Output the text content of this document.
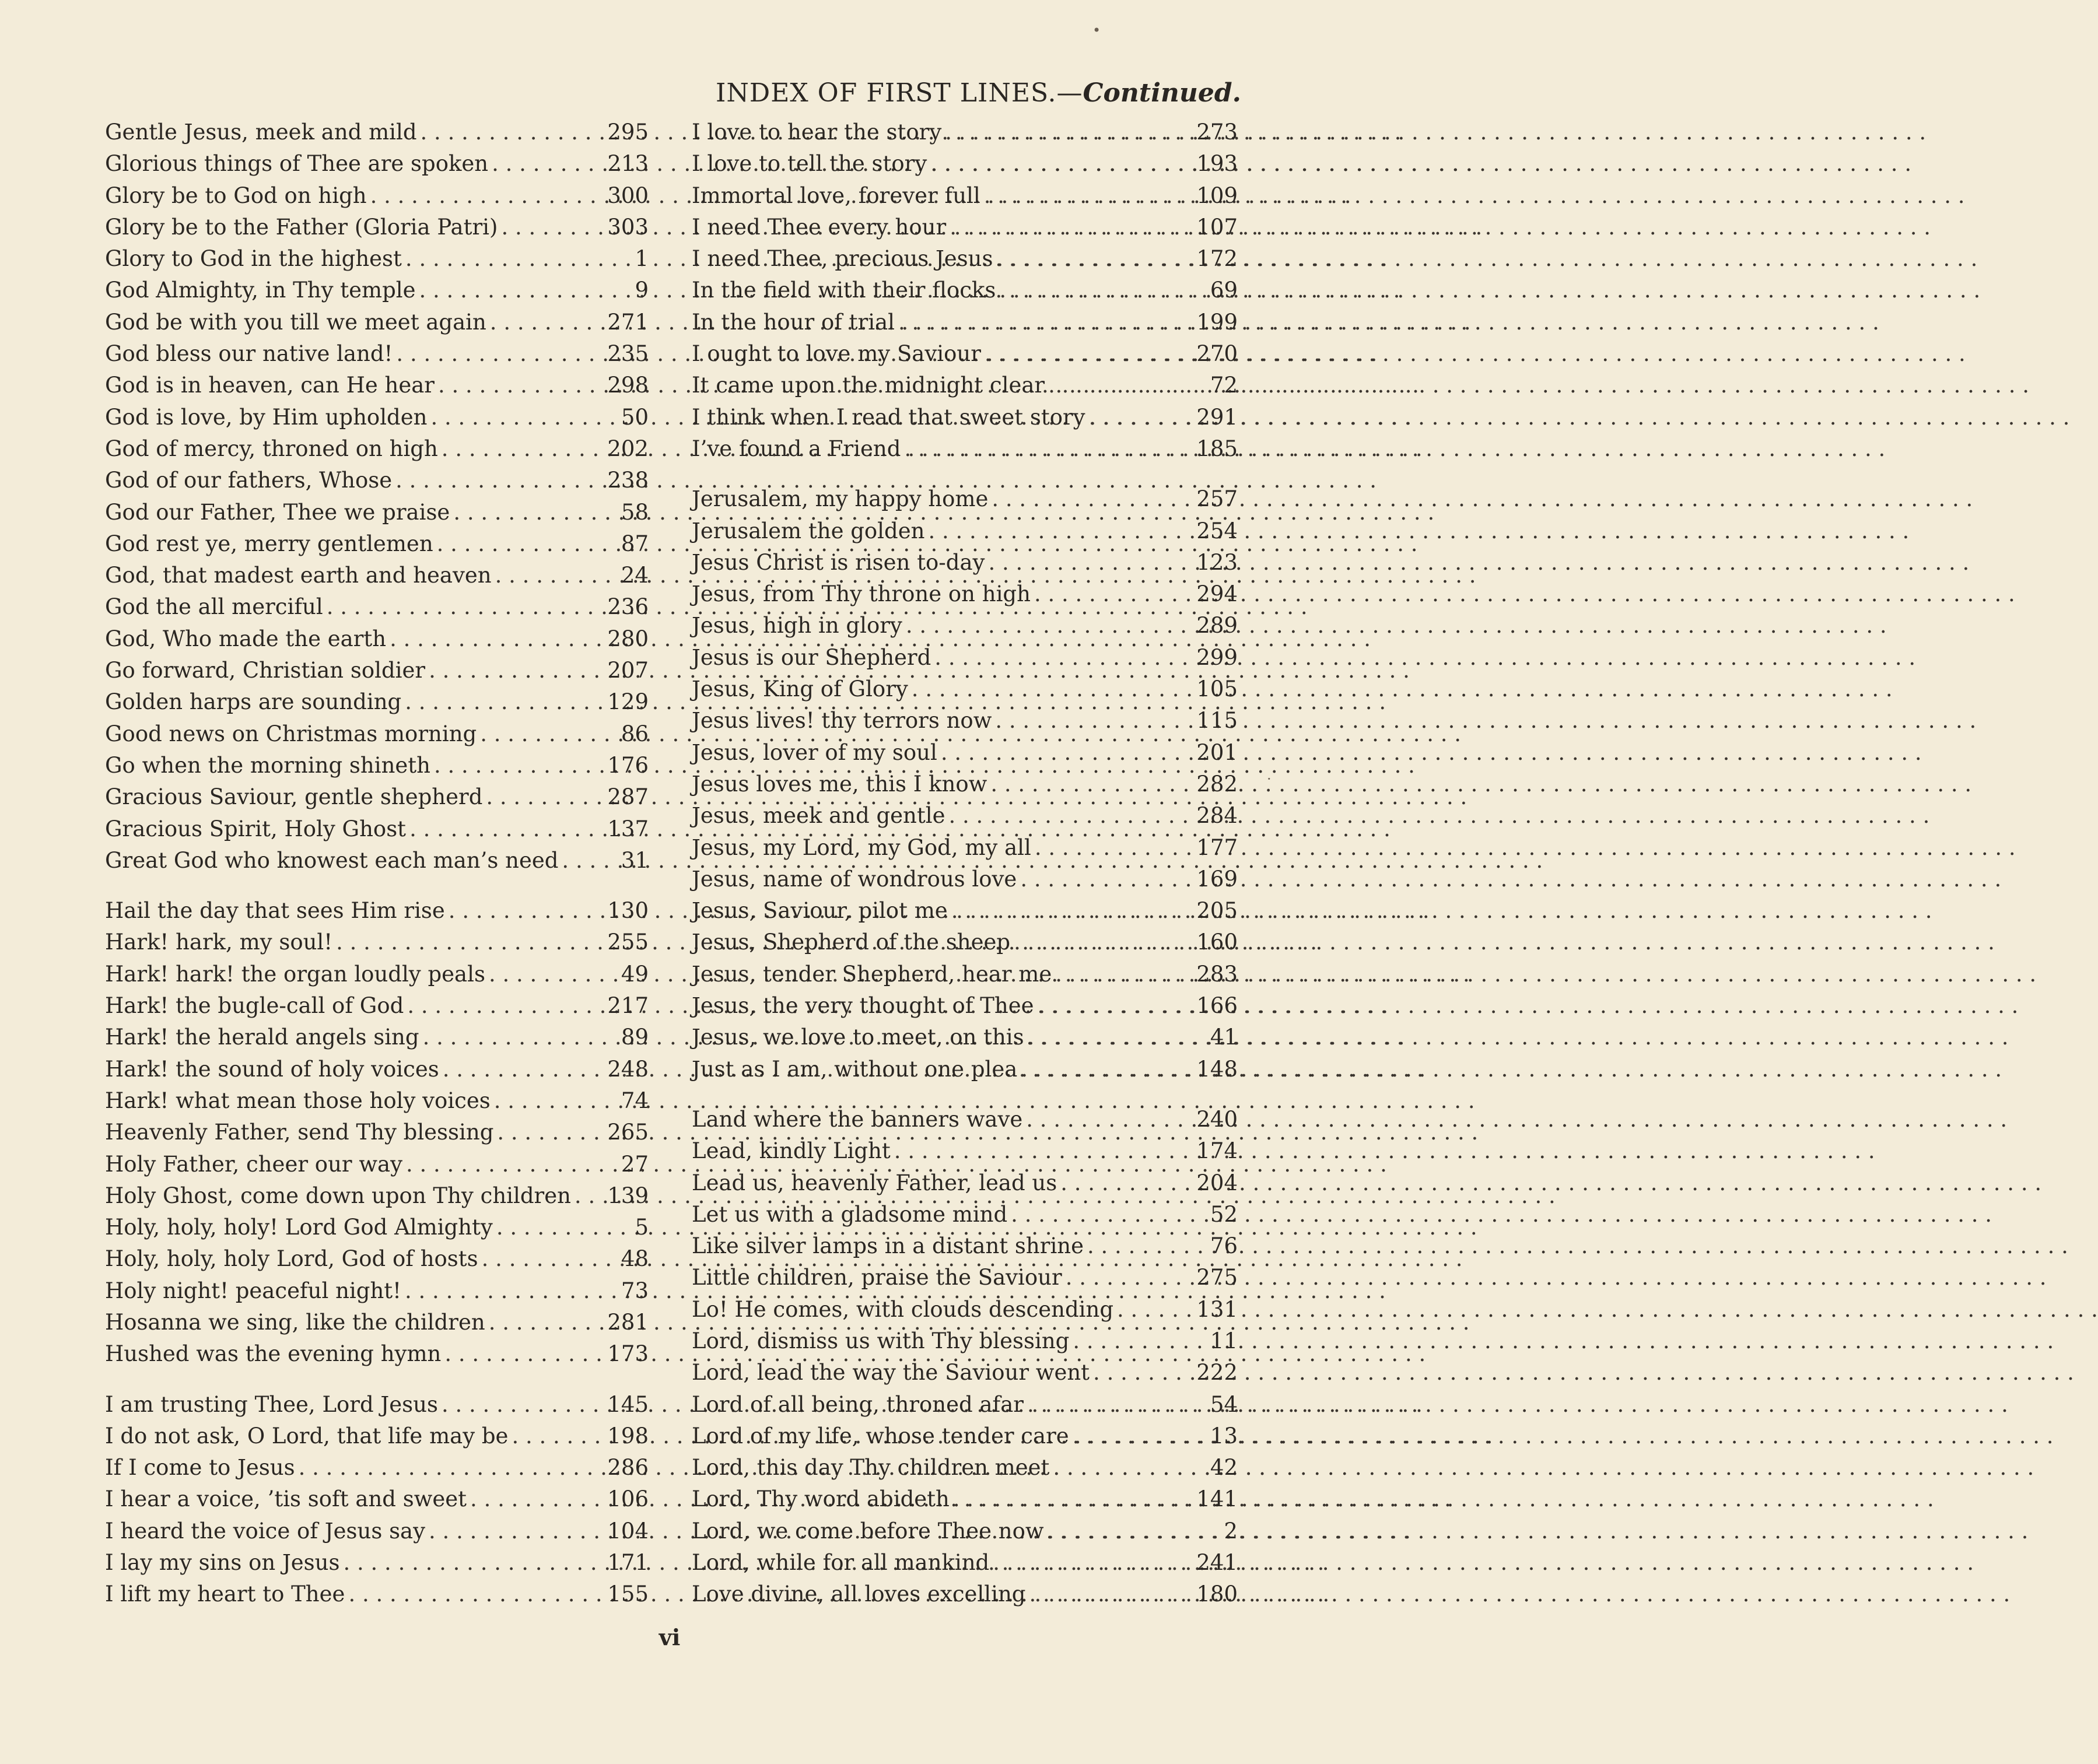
INDEX OF FIRST LINES.—Continued.
Gentle Jesus, meek and mild . . .	295
Glorious things of Thee are spoken . . .	213
Glory be to God on high . . .	300
Glory be to the Father (Gloria Patri) . . .	303
Glory to God in the highest . . .	1
God Almighty, in Thy temple . . .	9
God be with you till we meet again . . .	271
God bless our native land! . . .	235
God is in heaven, can He hear . . .	298
God is love, by Him upholden . . .	50
God of mercy, throned on high . . .	202
God of our fathers, Whose . . .	238
God our Father, Thee we praise . . .	58
God rest ye, merry gentlemen . . .	87
God, that madest earth and heaven . . .	24
God the all merciful . . .	236
God, Who made the earth . . .	280
Go forward, Christian soldier . . .	207
Golden harps are sounding . . .	129
Good news on Christmas morning . . .	86
Go when the morning shineth . . .	176
Gracious Saviour, gentle shepherd . . .	287
Gracious Spirit, Holy Ghost . . .	137
Great God who knowest each man’s need . . .	31
Hail the day that sees Him rise . . .	130
Hark! hark, my soul! . . .	255
Hark! hark! the organ loudly peals . . .	49
Hark! the bugle-call of God . . .	217
Hark! the herald angels sing . . .	89
Hark! the sound of holy voices . . .	248
Hark! what mean those holy voices . . .	74
Heavenly Father, send Thy blessing . . .	265
Holy Father, cheer our way . . .	27
Holy Ghost, come down upon Thy children . . . 139
Holy, holy, holy! Lord God Almighty . . .	5
Holy, holy, holy Lord, God of hosts . . .	48
Holy night! peaceful night! . . .	73
Hosanna we sing, like the children . . .	281
Hushed was the evening hymn . . .	173
I am trusting Thee, Lord Jesus . . .	145
I do not ask, O Lord, that life may be . . .	198
If I come to Jesus . . .	286
I hear a voice, ’tis soft and sweet . . .	106
I heard the voice of Jesus say . . .	104
I lay my sins on Jesus . . .	171
I lift my heart to Thee . . .	155
I love to hear the story . . .	273
I love to tell the story . . .	193
Immortal love, forever full . . .	109
I need Thee every hour . . .	107
I need Thee, precious Jesus . . .	172
In the field with their flocks . . .	69
In the hour of trial . . .	199
I ought to love my Saviour . . .	270
It came upon the midnight clear . . .	72
I think when I read that sweet story . . .	291
I’ve found a Friend . . .	185
Jerusalem, my happy home . . .	257
Jerusalem the golden . . .	254
Jesus Christ is risen to-day . . .	123
Jesus, from Thy throne on high . . .	294
Jesus, high in glory . . .	289
Jesus is our Shepherd . . .	299
Jesus, King of Glory . . .	105
Jesus lives! thy terrors now . . .	115
Jesus, lover of my soul . . .	201
Jesus loves me, this I know . . .	282
Jesus, meek and gentle . . .	284
Jesus, my Lord, my God, my all . . .	177
Jesus, name of wondrous love . . .	169
Jesus, Saviour, pilot me . . .	205
Jesus, Shepherd of the sheep . . .	160
Jesus, tender Shepherd, hear me . . .	283
Jesus, the very thought of Thee . . .	166
Jesus, we love to meet, on this . . .	41
Just as I am, without one plea . . .	148
Land where the banners wave . . .	240
Lead, kindly Light . . .	174
Lead us, heavenly Father, lead us . . .	204
Let us with a gladsome mind . . .	52
Like silver lamps in a distant shrine . . .	76
Little children, praise the Saviour . . .	275
Lo! He comes, with clouds descending . . .	131
Lord, dismiss us with Thy blessing . . .	11
Lord, lead the way the Saviour went . . .	222
Lord of all being, throned afar . . .	54
Lord of my life, whose tender care . . .	13
Lord, this day Thy children meet . . .	42
Lord, Thy word abideth . . .	141
Lord, we come before Thee now . . .	2
Lord, while for all mankind . . .	241
Love divine, all loves excelling . . .	180
vi
•
·
